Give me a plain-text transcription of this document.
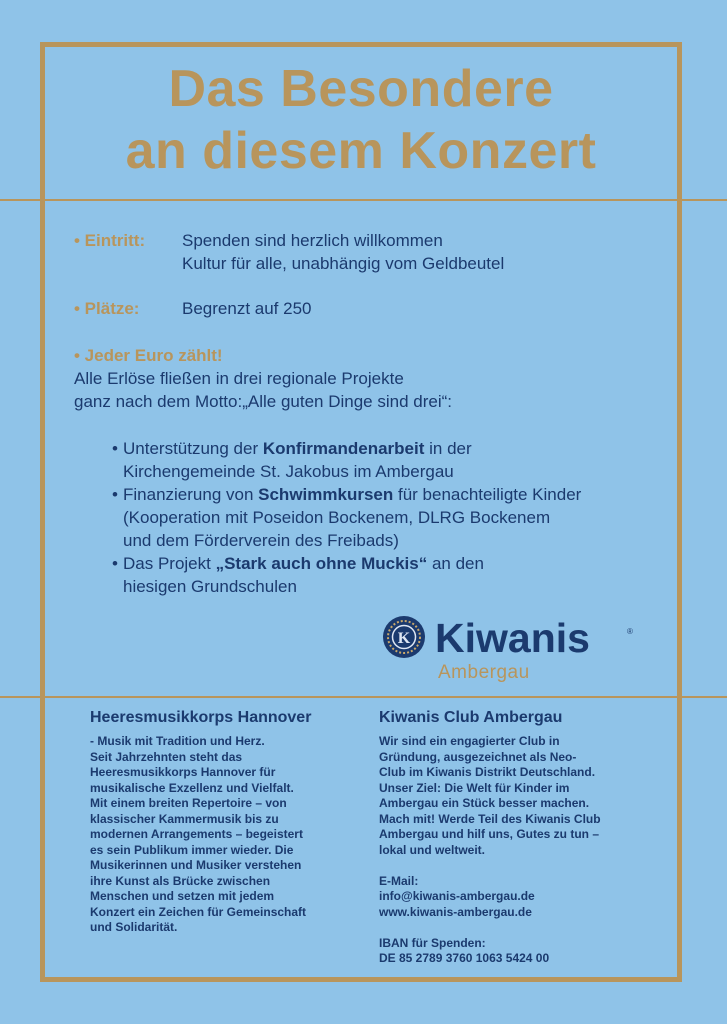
Das Besondere
an diesem Konzert
• Eintritt: Spenden sind herzlich willkommen
Kultur für alle, unabhängig vom Geldbeutel
• Plätze:	Begrenzt auf 250
• Jeder Euro zählt!
Alle Erlöse fließen in drei regionale Projekte
ganz nach dem Motto:„Alle guten Dinge sind drei“:
• Unterstützung der Konfirmandenarbeit in der
Kirchengemeinde St. Jakobus im Ambergau
• Finanzierung von Schwimmkursen für benachteiligte Kinder
(Kooperation mit Poseidon Bockenem, DLRG Bockenem
und dem Förderverein des Freibads)
• Das Projekt „Stark auch ohne Muckis“ an den
hiesigen Grundschulen
K Kiwanis	®
Ambergau
Heeresmusikkorps Hannover
- Musik mit Tradition und Herz.
Seit Jahrzehnten steht das
Heeresmusikkorps Hannover für
musikalische Exzellenz und Vielfalt.
Mit einem breiten Repertoire – von
klassischer Kammermusik bis zu
modernen Arrangements – begeistert
es sein Publikum immer wieder. Die
Musikerinnen und Musiker verstehen
ihre Kunst als Brücke zwischen
Menschen und setzen mit jedem
Konzert ein Zeichen für Gemeinschaft
und Solidarität.
Kiwanis Club Ambergau
Wir sind ein engagierter Club in
Gründung, ausgezeichnet als Neo-
Club im Kiwanis Distrikt Deutschland.
Unser Ziel: Die Welt für Kinder im
Ambergau ein Stück besser machen.
Mach mit! Werde Teil des Kiwanis Club
Ambergau und hilf uns, Gutes zu tun –
lokal und weltweit.
E-Mail:
info@kiwanis-ambergau.de
www.kiwanis-ambergau.de
IBAN für Spenden:
DE 85 2789 3760 1063 5424 00
